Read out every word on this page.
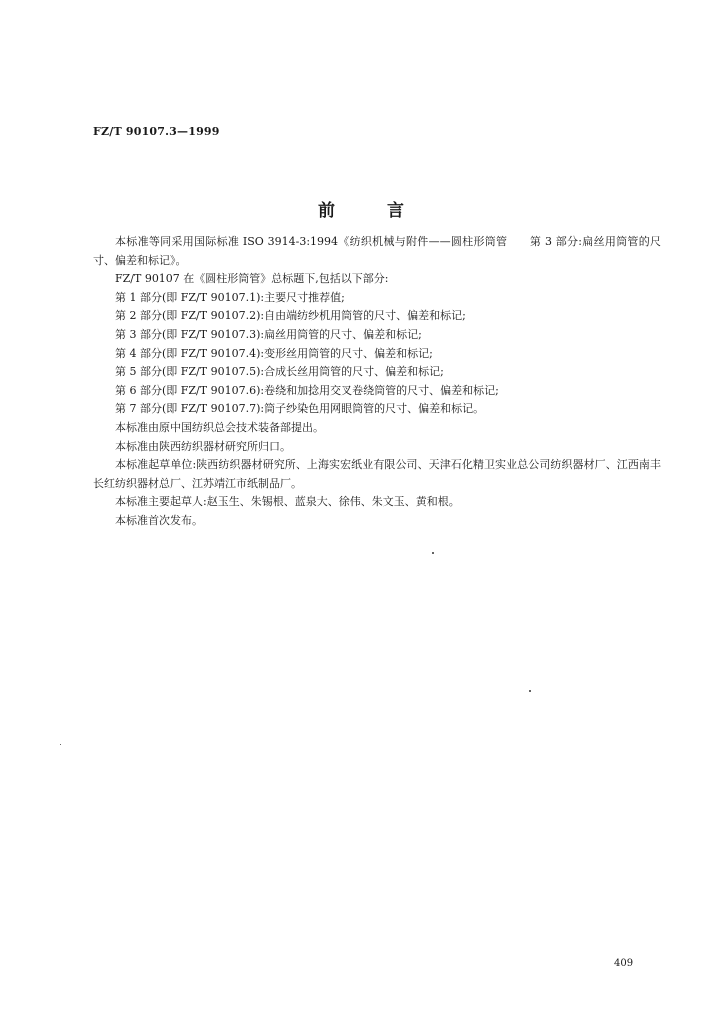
FZ/T 90107.3—1999
前言

本标准等同采用国际标准 ISO 3914-3:1994《纺织机械与附件——圆柱形筒管　　第 3 部分:扁丝用筒管的尺寸、偏差和标记》。

FZ/T 90107 在《圆柱形筒管》总标题下,包括以下部分:

第 1 部分(即 FZ/T 90107.1):主要尺寸推荐值;

第 2 部分(即 FZ/T 90107.2):自由端纺纱机用筒管的尺寸、偏差和标记;

第 3 部分(即 FZ/T 90107.3):扁丝用筒管的尺寸、偏差和标记;

第 4 部分(即 FZ/T 90107.4):变形丝用筒管的尺寸、偏差和标记;

第 5 部分(即 FZ/T 90107.5):合成长丝用筒管的尺寸、偏差和标记;

第 6 部分(即 FZ/T 90107.6):卷绕和加捻用交叉卷绕筒管的尺寸、偏差和标记;

第 7 部分(即 FZ/T 90107.7):筒子纱染色用网眼筒管的尺寸、偏差和标记。

本标准由原中国纺织总会技术装备部提出。

本标准由陕西纺织器材研究所归口。

本标准起草单位:陕西纺织器材研究所、上海实宏纸业有限公司、天津石化精卫实业总公司纺织器材厂、江西南丰长红纺织器材总厂、江苏靖江市纸制品厂。

本标准主要起草人:赵玉生、朱锡根、蓝泉大、徐伟、朱文玉、黄和根。

本标准首次发布。

409
